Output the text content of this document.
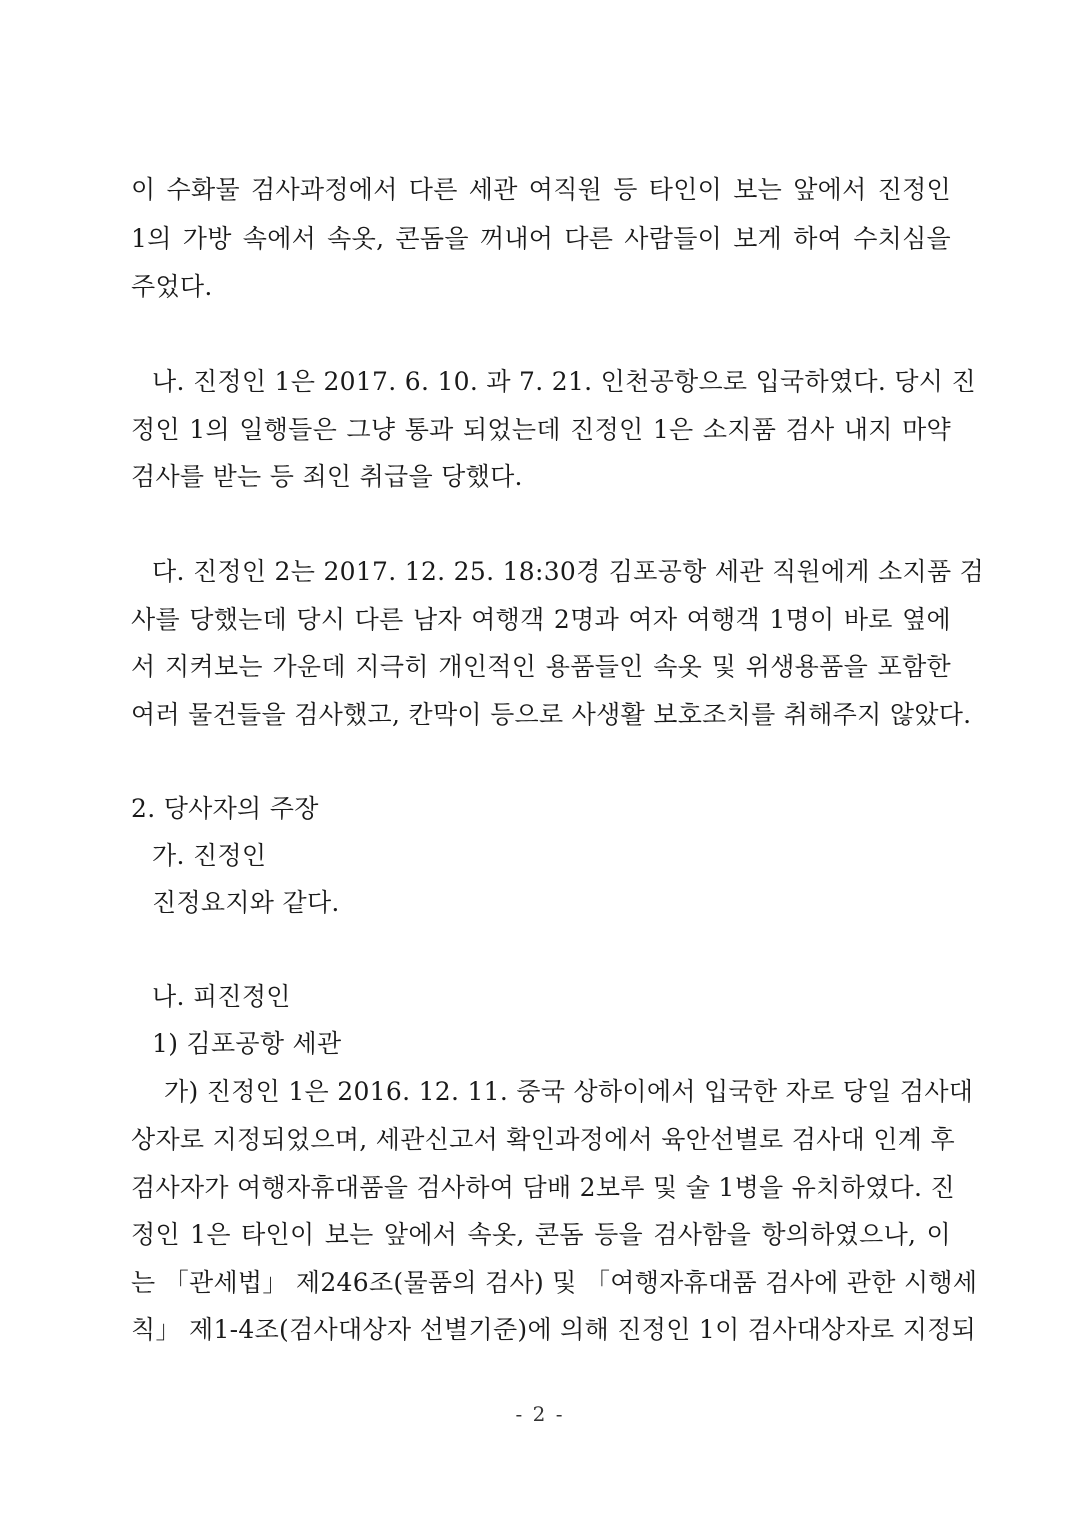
이 수화물 검사과정에서 다른 세관 여직원 등 타인이 보는 앞에서 진정인
1의 가방 속에서 속옷, 콘돔을 꺼내어 다른 사람들이 보게 하여 수치심을
주었다.
나. 진정인 1은 2017. 6. 10. 과 7. 21. 인천공항으로 입국하였다. 당시 진
정인 1의 일행들은 그냥 통과 되었는데 진정인 1은 소지품 검사 내지 마약
검사를 받는 등 죄인 취급을 당했다.
다. 진정인 2는 2017. 12. 25. 18:30경 김포공항 세관 직원에게 소지품 검
사를 당했는데 당시 다른 남자 여행객 2명과 여자 여행객 1명이 바로 옆에
서 지켜보는 가운데 지극히 개인적인 용품들인 속옷 및 위생용품을 포함한
여러 물건들을 검사했고, 칸막이 등으로 사생활 보호조치를 취해주지 않았다.
2. 당사자의 주장
가. 진정인
진정요지와 같다.
나. 피진정인
1) 김포공항 세관
가) 진정인 1은 2016. 12. 11. 중국 상하이에서 입국한 자로 당일 검사대
상자로 지정되었으며, 세관신고서 확인과정에서 육안선별로 검사대 인계 후
검사자가 여행자휴대품을 검사하여 담배 2보루 및 술 1병을 유치하였다. 진
정인 1은 타인이 보는 앞에서 속옷, 콘돔 등을 검사함을 항의하였으나, 이
는 「관세법」 제246조(물품의 검사) 및 「여행자휴대품 검사에 관한 시행세
칙」 제1-4조(검사대상자 선별기준)에 의해 진정인 1이 검사대상자로 지정되
- 2 -
